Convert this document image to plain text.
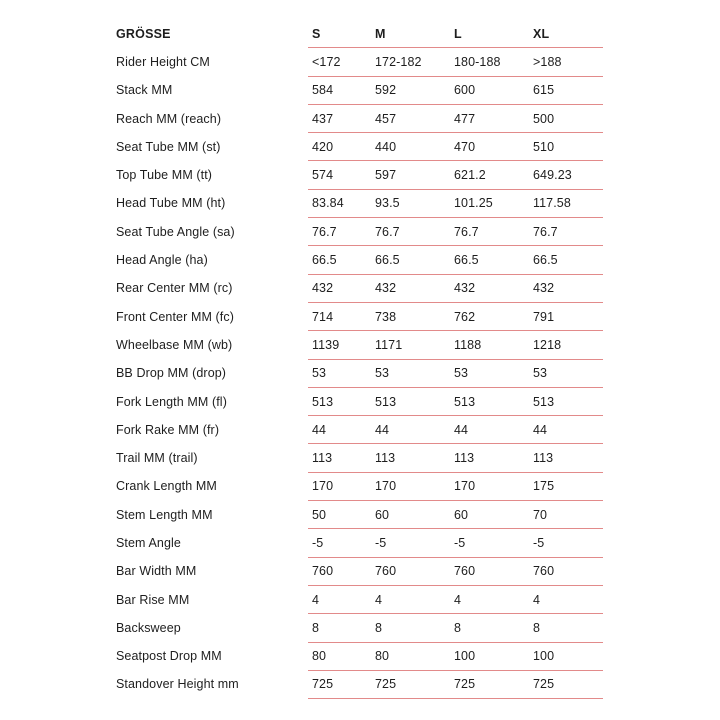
GRÖSSE	S	M	L	XL
Rider Height CM	<172	172-182	180-188	>188
Stack MM	584	592	600	615
Reach MM (reach)	437	457	477	500
Seat Tube MM (st)	420	440	470	510
Top Tube MM (tt)	574	597	621.2	649.23
Head Tube MM (ht)	83.84	93.5	101.25	117.58
Seat Tube Angle (sa)	76.7	76.7	76.7	76.7
Head Angle (ha)	66.5	66.5	66.5	66.5
Rear Center MM (rc)	432	432	432	432
Front Center MM (fc)	714	738	762	791
Wheelbase MM (wb)	1139	1171	1188	1218
BB Drop MM (drop)	53	53	53	53
Fork Length MM (fl)	513	513	513	513
Fork Rake MM (fr)	44	44	44	44
Trail MM (trail)	113	113	113	113
Crank Length MM	170	170	170	175
Stem Length MM	50	60	60	70
Stem Angle	-5	-5	-5	-5
Bar Width MM	760	760	760	760
Bar Rise MM	4	4	4	4
Backsweep	8	8	8	8
Seatpost Drop MM	80	80	100	100
Standover Height mm	725	725	725	725
